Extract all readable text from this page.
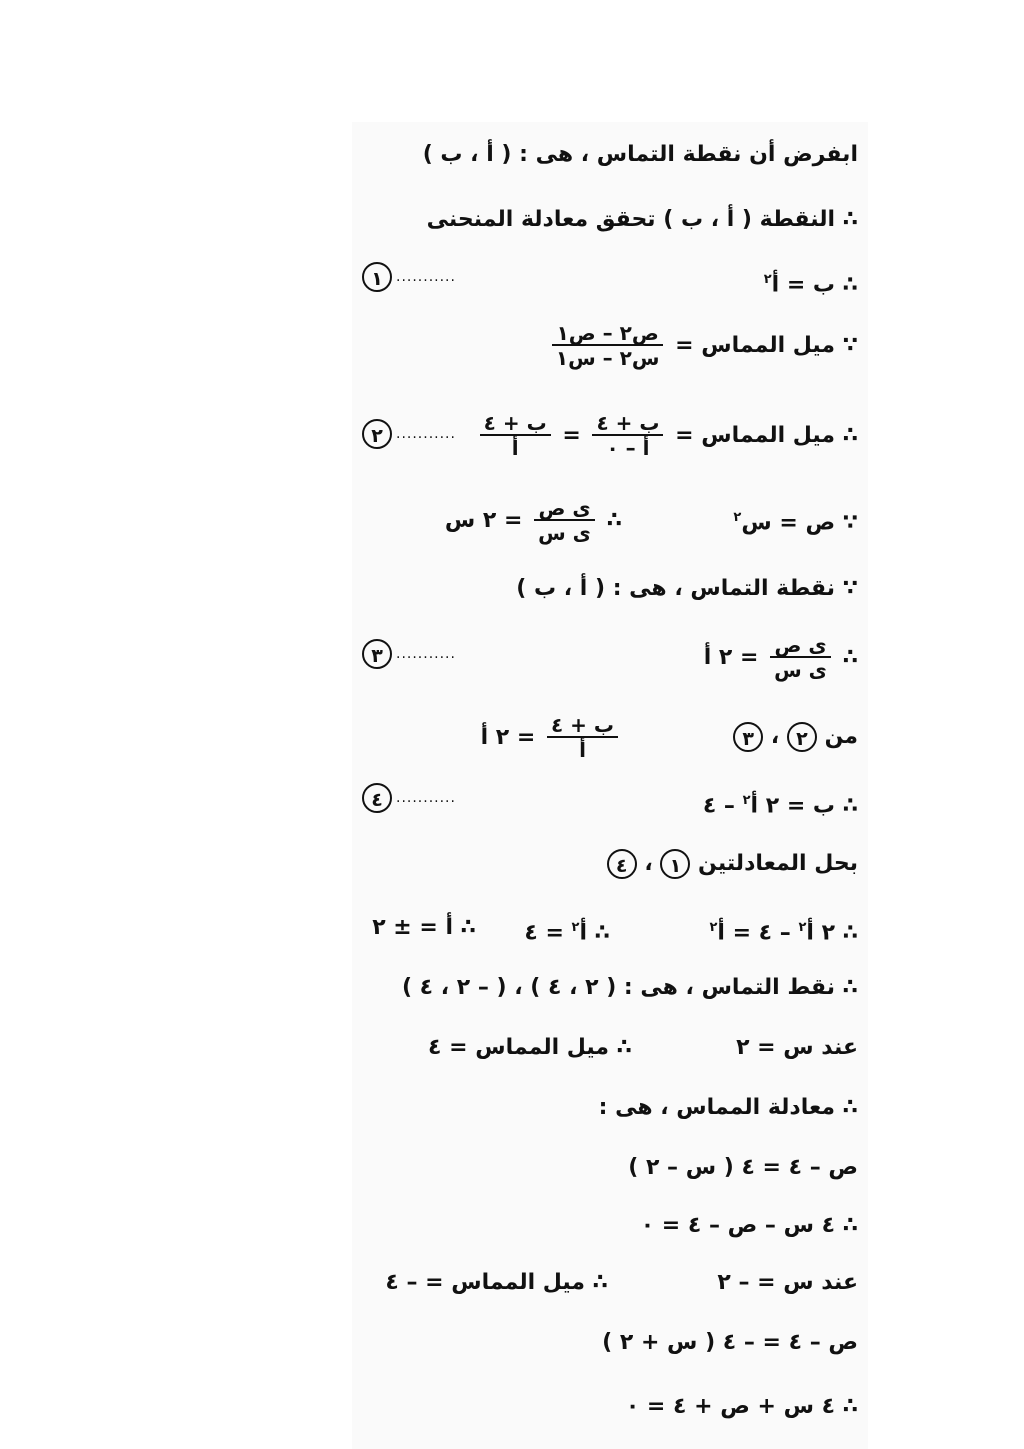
ابفرض أن نقطة التماس ، هى : ( أ ، ب )
∴ النقطة ( أ ، ب ) تحقق معادلة المنحنى
∴ ب = أ$^٢$
١ ...........
∵ ميل المماس =
$\frac{\text{ص٢ – ص١}}{\text{س٢ – س١}}$
∴ ميل المماس =
$\frac{\text{ب + ٤}}{\text{أ – ٠}}$
=
$\frac{\text{ب + ٤}}{\text{أ}}$
٢ ...........
∵ ص = س$^٢$
∴
$\frac{\text{ى ص}}{\text{ى س}}$
= ٢ س
∵ نقطة التماس ، هى : ( أ ، ب )
∴
$\frac{\text{ى ص}}{\text{ى س}}$
= ٢ أ
٣ ...........
من ٢ ، ٣
$\frac{\text{ب + ٤}}{\text{أ}}$
= ٢ أ
∴ ب = ٢ أ$^٢$ – ٤
٤ ...........
بحل المعادلتين ١ ، ٤
∴ ٢ أ$^٢$ – ٤ = أ$^٢$
∴ أ$^٢$ = ٤
∴ أ = ± ٢
∴ نقط التماس ، هى : ( ٢ ، ٤ ) ، ( – ٢ ، ٤ )
عند س = ٢
∴ ميل المماس = ٤
∴ معادلة المماس ، هى :
ص – ٤ = ٤ ( س – ٢ )
∴ ٤ س – ص – ٤ = ٠
عند س = – ٢
∴ ميل المماس = – ٤
ص – ٤ = – ٤ ( س + ٢ )
∴ ٤ س + ص + ٤ = ٠
